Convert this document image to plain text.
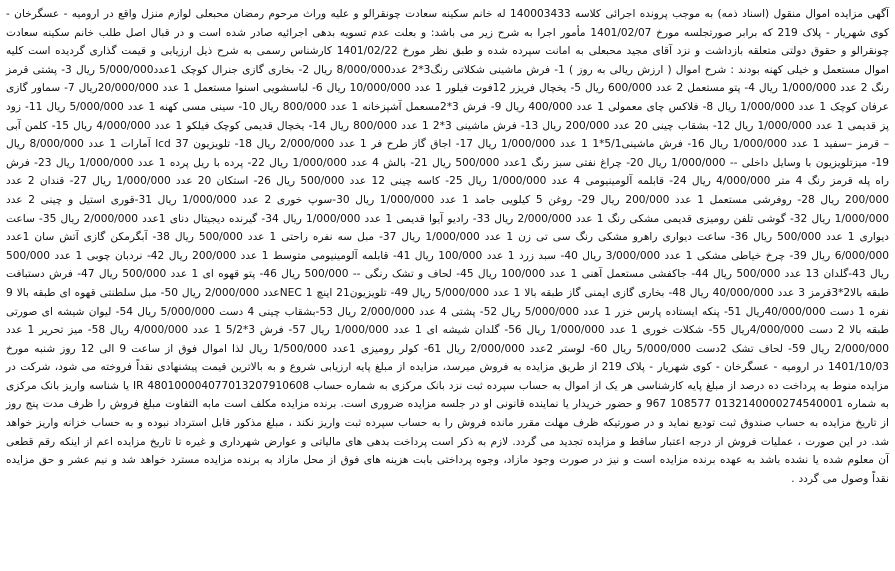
آگهی مزایده اموال منقول (اسناد ذمه) به موجب پرونده اجرائی کلاسه 140003433 له خانم سکینه سعادت چونقرالو و علیه وراث مرحوم رمضان محبعلی لوازم منزل واقع در ارومیه - عسگرخان - کوی شهریار - پلاک 219 که برابر صورتجلسه مورخ 1401/02/07 مأمور اجرا به شرح زیر می باشد: و بعلت عدم تسویه بدهی اجرائیه صادر شده است و در قبال اصل طلب خانم سکینه سعادت چونقرالو و حقوق دولتی متعلقه بازداشت و نزد آقای مجید محبعلی به امانت سپرده شده و طبق نظر مورخ 1401/02/22 کارشناس رسمی به شرح ذیل ارزیابی و قیمت گذاری گردیده است کلیه اموال مستعمل و خیلی کهنه بودند : شرح اموال ( ارزش ریالی به روز ) 1- فرش ماشینی شکلاتی رنگ3*2 عدد8/000/000 ریال 2- بخاری گازی جنرال کوچک 1عدد5/000/000 ریال 3- پشتی قرمز رنگ 2 عدد 1/000/000 ریال 4- پتو مستعمل 2 عدد 600/000 ریال 5- یخچال فریزر 12فوت فیلور 1 عدد 10/000/000 ریال 6- لباسشویی اسنوا مستعمل 1 عدد 20/000/000ریال 7- سماور گازی عرفان کوچک 1 عدد 1/000/000 ریال 8- فلاکس چای معمولی 1 عدد 400/000 ریال 9- فرش 3*2مسعمل آشپزخانه 1 عدد 800/000 ریال 10- سینی مسی کهنه 1 عدد 5/000/000 ریال 11- زود پز قدیمی 1 عدد 1/000/000 ریال 12- بشقاب چینی 20 عدد 200/000 ریال 13- فرش ماشینی 3*2 1 عدد 800/000 ریال 14- یخچال قدیمی کوچک فیلکو 1 عدد 4/000/000 ریال 15- کلمن آبی – قرمز –سفید 1 عدد 1/000/000 ریال 16- فرش ماشینی5/1*1 1 عدد 1/000/000 ریال 17- اجاق گاز طرح فر 1 عدد 2/000/000 ریال 18- تلویزیون 37 lcd آمارات 1 عدد 8/000/000 ریال 19- میزتلویزیون با وسایل داخلی -- 1/000/000 ریال 20- چراغ نفتی سبز رنگ 1عدد 500/000 ریال 21- بالش 4 عدد 1/000/000 ریال 22- پرده با ریل پرده 1 عدد 1/000/000 ریال 23- فرش راه پله قرمز رنگ 4 متر 4/000/000 ریال 24- قابلمه آلومینیومی 4 عدد 1/000/000 ریال 25- کاسه چینی 12 عدد 500/000 ریال 26- استکان 20 عدد 1/000/000 ریال 27- قندان 2 عدد 200/000 ریال 28- روفرشی مستعمل 1 عدد 200/000 ریال 29- روغن 5 کیلویی جامد 1 عدد 1/000/000 ریال 30-سوپ خوری 2 عدد 1/000/000 ریال 31-قوری استیل و چینی 2 عدد 1/000/000 ریال 32- گوشی تلفن رومیزی قدیمی مشکی رنگ 1 عدد 2/000/000 ریال 33- رادیو آیوا قدیمی 1 عدد 1/000/000 ریال 34- گیرنده دیجیتال دنای 1عدد 2/000/000 ریال 35- ساعت دیواری 1 عدد 500/000 ریال 36- ساعت دیواری راهرو مشکی رنگ سی تی زن 1 عدد 1/000/000 ریال 37- مبل سه نفره راحتی 1 عدد 500/000 ریال 38- آبگرمکن گازی آتش سان 1عدد 6/000/000 ریال 39- چرخ خیاطی مشکی 1 عدد 3/000/000 ریال 40- سبد زرد 1 عدد 100/000 ریال 41- قابلمه آلومینیومی متوسط 1 عدد 200/000 ریال 42- نردبان چوبی 1 عدد 500/000 ریال 43-گلدان 13 عدد 500/000 ریال 44- جاکفشی مستعمل آهنی 1 عدد 100/000 ریال 45- لحاف و تشک رنگی -- 500/000 ریال 46- پتو قهوه ای 1 عدد 500/000 ریال 47- فرش دستبافت طبقه بالا2*3قرمز 3 عدد 40/000/000 ریال 48- بخاری گازی ایمنی گاز طبقه بالا 1 عدد 5/000/000 ریال 49- تلویزیون21 اینچ NEC 1عدد 2/000/000 ریال 50- مبل سلطنتی قهوه ای طبقه بالا 9 نفره 1 دست 40/000/000ریال 51- پنکه ایستاده پارس خزر 1 عدد 5/000/000 ریال 52- پشتی 4 عدد 2/000/000 ریال 53-بشقاب چینی 4 دست 5/000/000 ریال 54- لیوان شیشه ای صورتی طبقه بالا 2 دست 4/000/000ریال 55- شکلات خوری 1 عدد 1/000/000 ریال 56- گلدان شیشه ای 1 عدد 1/000/000 ریال 57- فرش 3*5/2 1 عدد 4/000/000 ریال 58- میز تحریر 1 عدد 2/000/000 ریال 59- لحاف تشک 2دست 5/000/000 ریال 60- لوستر 2عدد 2/000/000 ریال 61- کولر رومیزی 1عدد 1/500/000 ریال لذا اموال فوق از ساعت 9 الی 12 روز شنبه مورخ 1401/10/03 در ارومیه - عسگرخان - کوی شهریار - پلاک 219 از طریق مزایده به فروش میرسد، مزایده از مبلغ پایه ارزیابی شروع و به بالاترین قیمت پیشنهادی نقداً فروخته می شود، شرکت در مزایده منوط به پرداخت ده درصد از مبلغ پایه کارشناسی هر یک از اموال به حساب سپرده ثبت نزد بانک مرکزی به شماره حساب IR 480100004077013207910608 یا شناسه واریز بانک مرکزی به شماره 0132140000274540001 108577 967 و حضور خریدار یا نماینده قانونی او در جلسه مزایده ضروری است. برنده مزایده مکلف است مابه التفاوت مبلغ فروش را ظرف مدت پنج روز از تاریخ مزایده به حساب صندوق ثبت تودیع نماید و در صورتیکه ظرف مهلت مقرر مانده فروش را به حساب سپرده ثبت واریز نکند ، مبلغ مذکور قابل استرداد نبوده و به حساب خزانه واریز خواهد شد. در این صورت ، عملیات فروش از درجه اعتبار ساقط و مزایده تجدید می گردد. لازم به ذکر است پرداخت بدهی های مالیاتی و عوارض شهرداری و غیره تا تاریخ مزایده اعم از اینکه رقم قطعی آن معلوم شده یا نشده باشد به عهده برنده مزایده است و نیز در صورت وجود مازاد، وجوه پرداختی بابت هزینه های فوق از محل مازاد به برنده مزایده مسترد خواهد شد و نیم عشر و حق مزایده نقداً وصول می گردد .
